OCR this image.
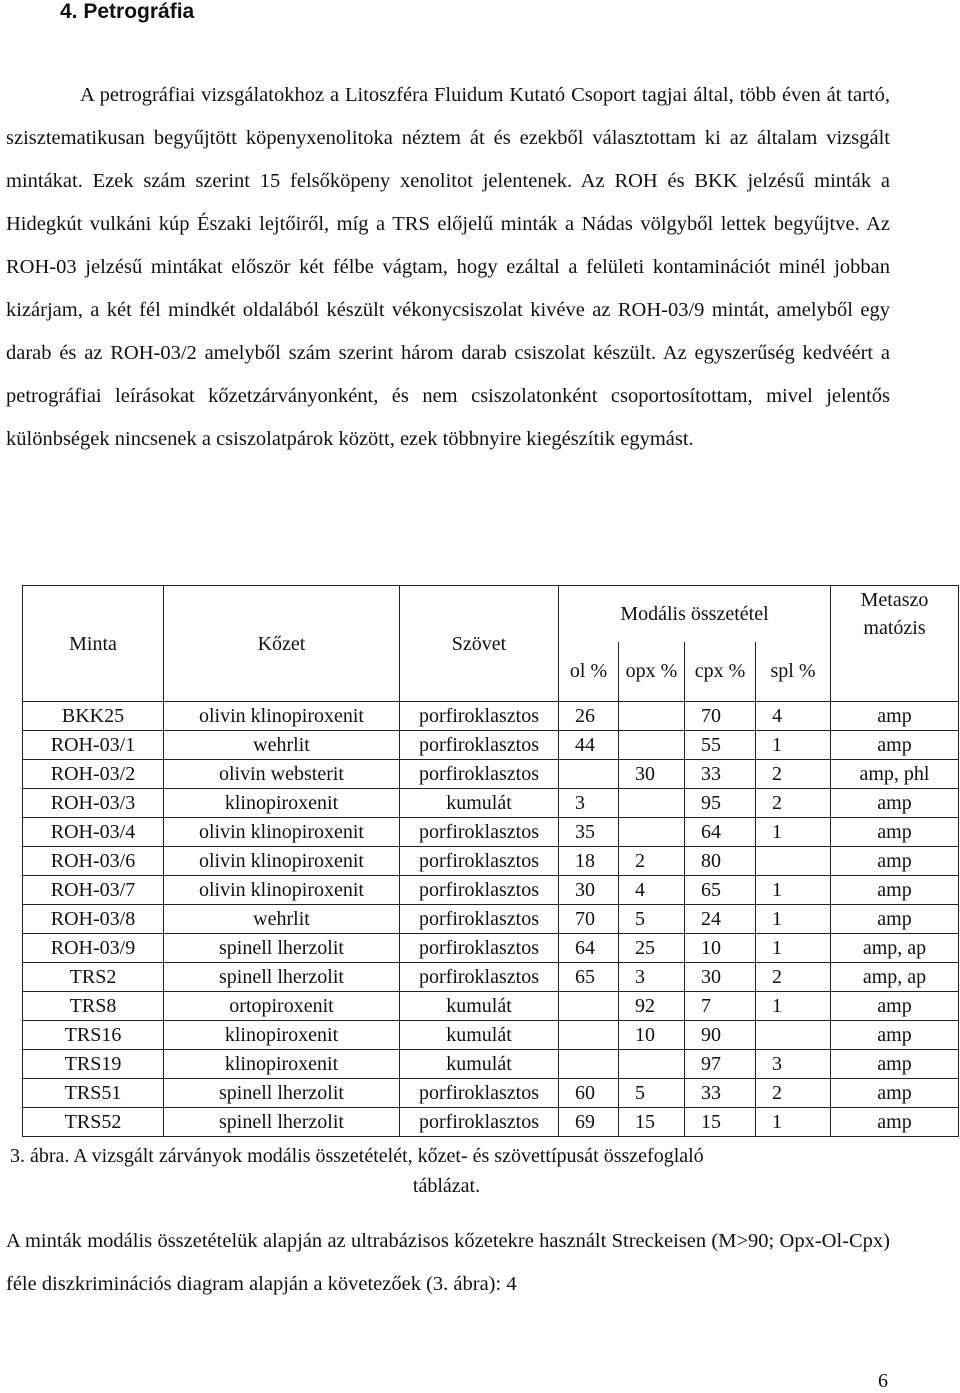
4. Petrográfia

A petrográfiai vizsgálatokhoz a Litoszféra Fluidum Kutató Csoport tagjai által, több éven át tartó, szisztematikusan begyűjtött köpenyxenolitoka néztem át és ezekből választottam ki az általam vizsgált mintákat. Ezek szám szerint 15 felsőköpeny xenolitot jelentenek. Az ROH és BKK jelzésű minták a Hidegkút vulkáni kúp Északi lejtőiről, míg a TRS előjelű minták a Nádas völgyből lettek begyűjtve. Az ROH-03 jelzésű mintákat először két félbe vágtam, hogy ezáltal a felületi kontaminációt minél jobban kizárjam, a két fél mindkét oldalából készült vékonycsiszolat kivéve az ROH-03/9 mintát, amelyből egy darab és az ROH-03/2 amelyből szám szerint három darab csiszolat készült. Az egyszerűség kedvéért a petrográfiai leírásokat kőzetzárványonként, és nem csiszolatonként csoportosítottam, mivel jelentős különbségek nincsenek a csiszolatpárok között, ezek többnyire kiegészítik egymást.

Minta	Kőzet	Szövet	Modális összetétel				Metaszo matózis
			ol %	opx %	cpx %	spl %	
BKK25	olivin klinopiroxenit	porfiroklasztos	26		70	4	amp
ROH-03/1	wehrlit	porfiroklasztos	44		55	1	amp
ROH-03/2	olivin websterit	porfiroklasztos		30	33	2	amp, phl
ROH-03/3	klinopiroxenit	kumulát	3		95	2	amp
ROH-03/4	olivin klinopiroxenit	porfiroklasztos	35		64	1	amp
ROH-03/6	olivin klinopiroxenit	porfiroklasztos	18	2	80		amp
ROH-03/7	olivin klinopiroxenit	porfiroklasztos	30	4	65	1	amp
ROH-03/8	wehrlit	porfiroklasztos	70	5	24	1	amp
ROH-03/9	spinell lherzolit	porfiroklasztos	64	25	10	1	amp, ap
TRS2	spinell lherzolit	porfiroklasztos	65	3	30	2	amp, ap
TRS8	ortopiroxenit	kumulát		92	7	1	amp
TRS16	klinopiroxenit	kumulát		10	90		amp
TRS19	klinopiroxenit	kumulát			97	3	amp
TRS51	spinell lherzolit	porfiroklasztos	60	5	33	2	amp
TRS52	spinell lherzolit	porfiroklasztos	69	15	15	1	amp

3. ábra. A vizsgált zárványok modális összetételét, kőzet- és szövettípusát összefoglaló

táblázat.

A minták modális összetételük alapján az ultrabázisos kőzetekre használt Streckeisen (M>90; Opx-Ol-Cpx) féle diszkriminációs diagram alapján a követezőek (3. ábra): 4

6
